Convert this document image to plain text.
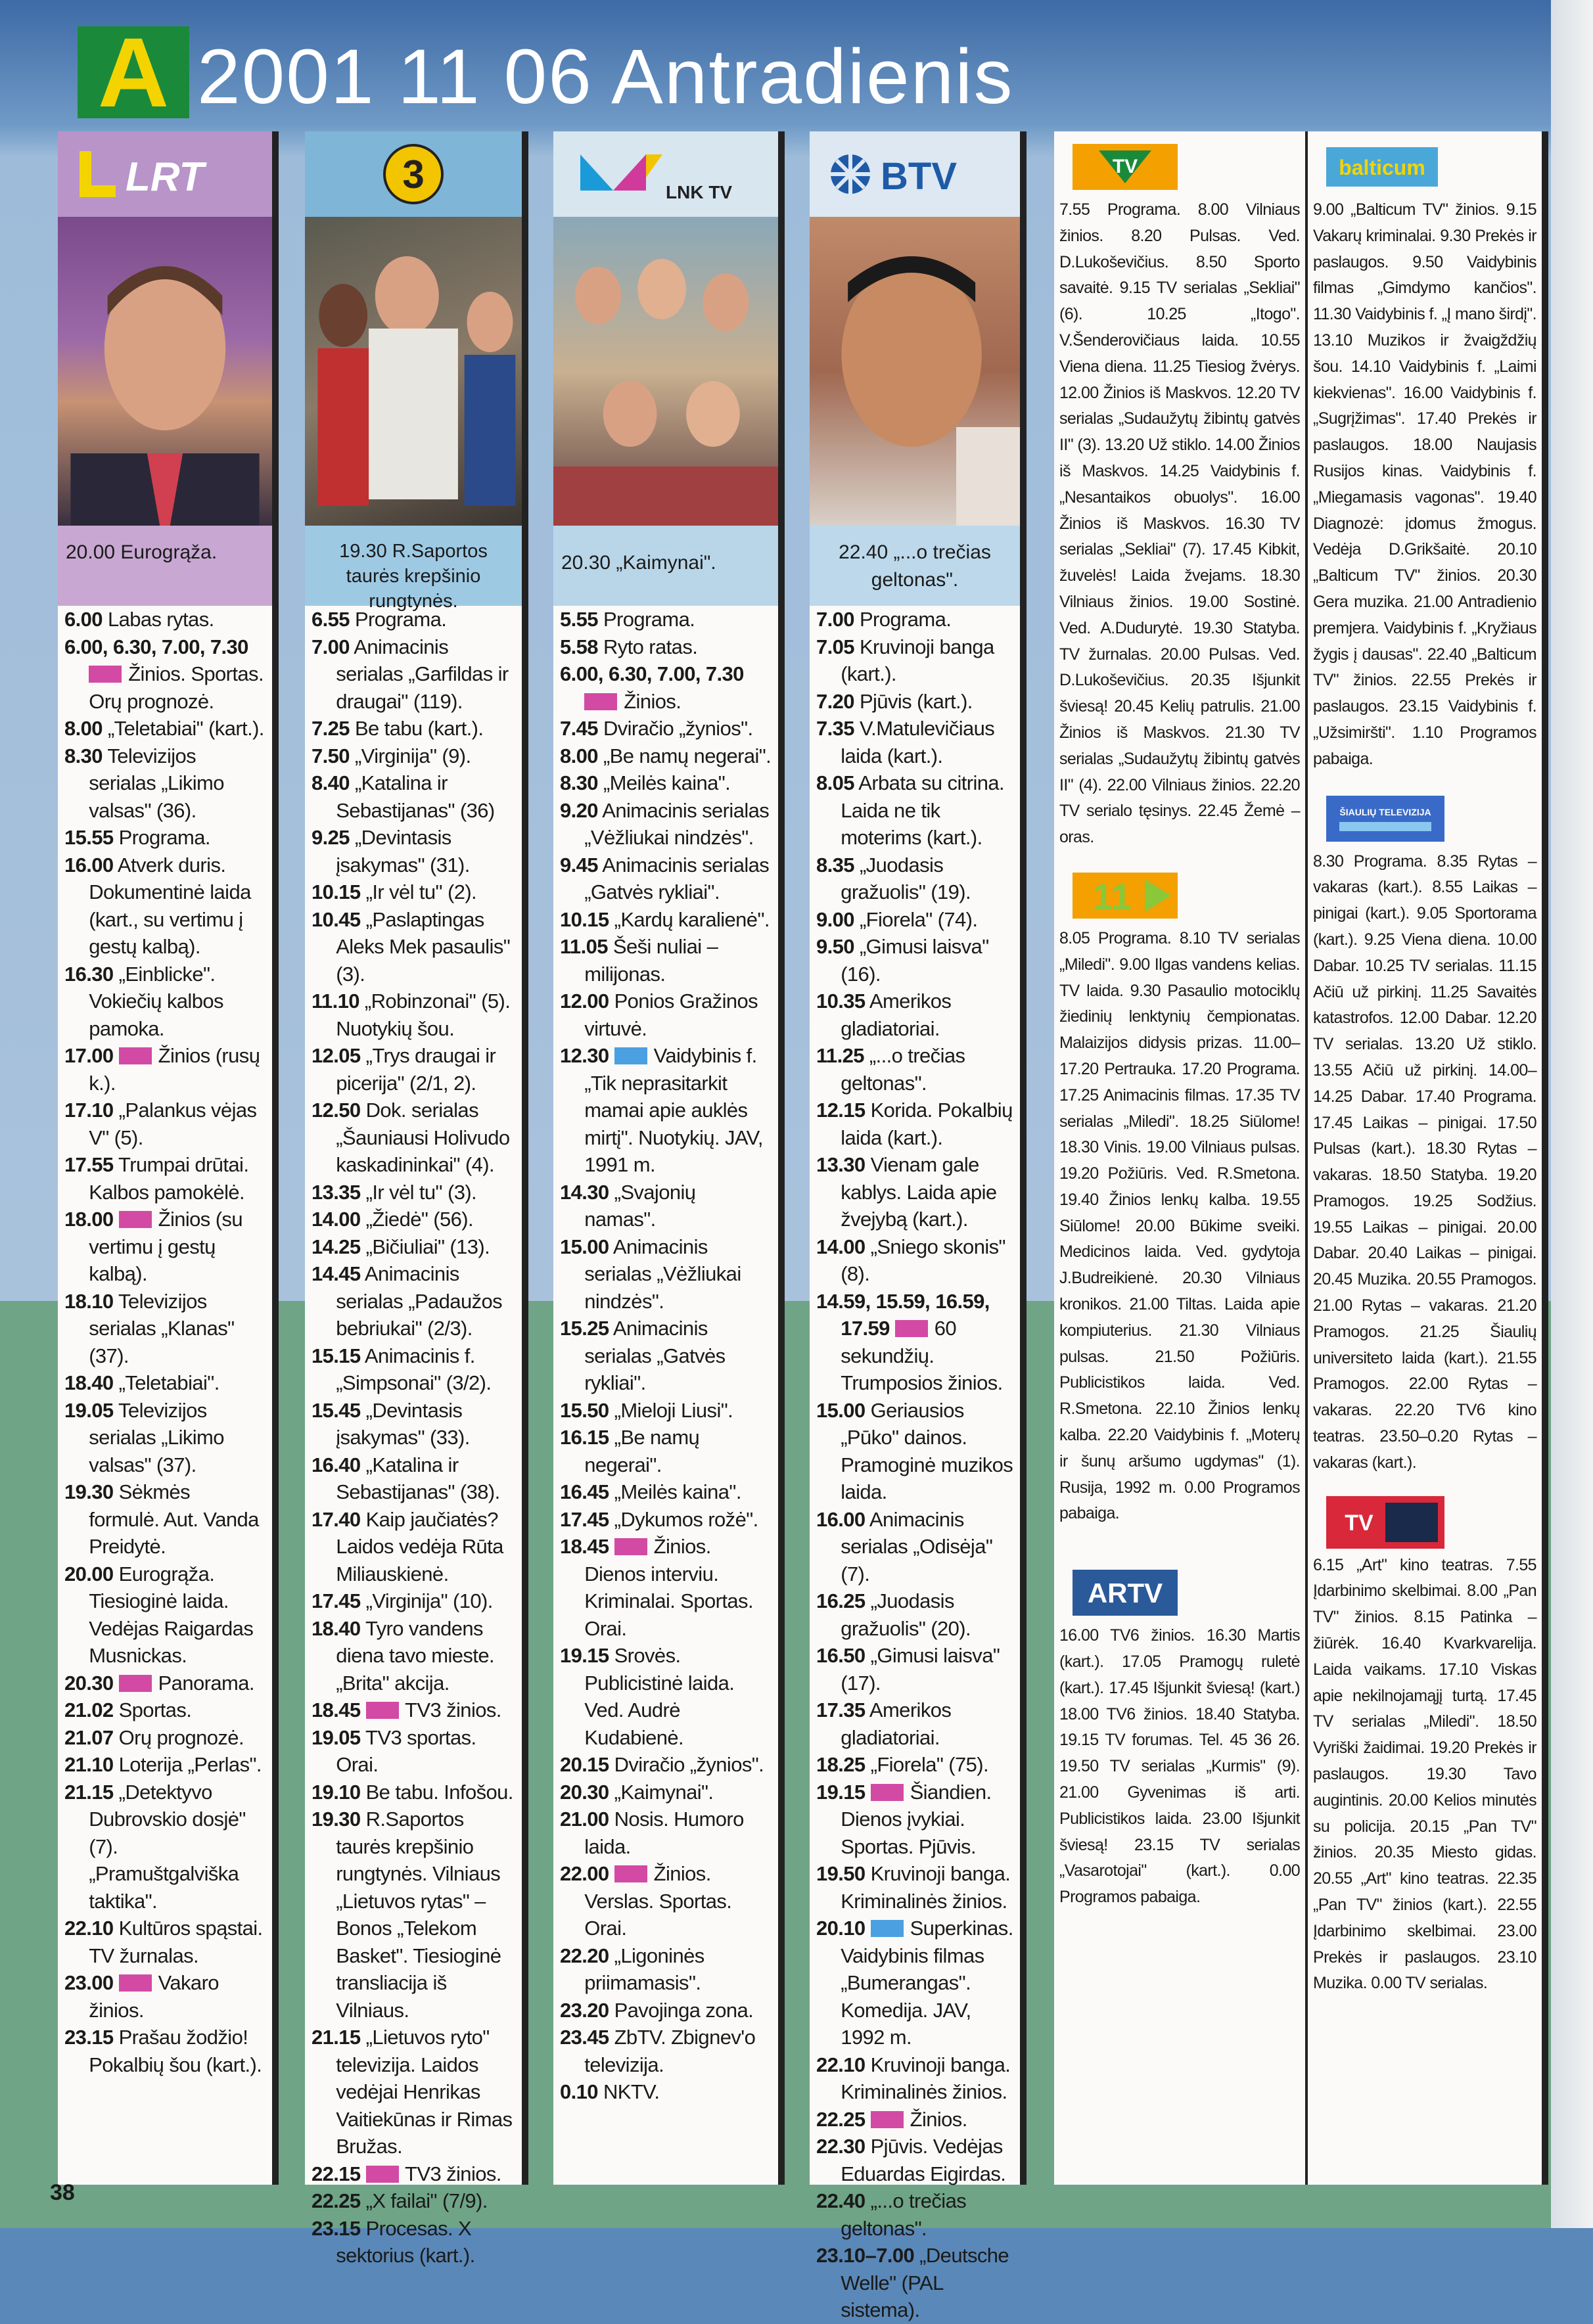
A 2001 11 06 Antradienis
LRT
20.00 Eurogrąža.

6.00 Labas rytas.

6.00, 6.30, 7.00, 7.30  Žinios. Sportas. Orų prognozė.

8.00 „Teletabiai" (kart.).

8.30 Televizijos serialas „Likimo valsas" (36).

15.55 Programa.

16.00 Atverk duris. Dokumentinė laida (kart., su vertimu į gestų kalbą).

16.30 „Einblicke". Vokiečių kalbos pamoka.

17.00  Žinios (rusų k.).

17.10 „Palankus vėjas V" (5).

17.55 Trumpai drūtai. Kalbos pamokėlė.

18.00  Žinios (su vertimu į gestų kalbą).

18.10 Televizijos serialas „Klanas" (37).

18.40 „Teletabiai".

19.05 Televizijos serialas „Likimo valsas" (37).

19.30 Sėkmės formulė. Aut. Vanda Preidytė.

20.00 Eurogrąža. Tiesioginė laida. Vedėjas Raigardas Musnickas.

20.30  Panorama.

21.02 Sportas.

21.07 Orų prognozė.

21.10 Loterija „Perlas".

21.15 „Detektyvo Dubrovskio dosjė" (7). „Pramuštgalviška taktika".

22.10 Kultūros spąstai. TV žurnalas.

23.00  Vakaro žinios.

23.15 Prašau žodžio! Pokalbių šou (kart.).

3
19.30 R.Saportos taurės krepšinio rungtynės.

6.55 Programa.

7.00 Animacinis serialas „Garfildas ir draugai" (119).

7.25 Be tabu (kart.).

7.50 „Virginija" (9).

8.40 „Katalina ir Sebastijanas" (36)

9.25 „Devintasis įsakymas" (31).

10.15 „Ir vėl tu" (2).

10.45 „Paslaptingas Aleks Mek pasaulis" (3).

11.10 „Robinzonai" (5). Nuotykių šou.

12.05 „Trys draugai ir picerija" (2/1, 2).

12.50 Dok. serialas „Šauniausi Holivudo kaskadininkai" (4).

13.35 „Ir vėl tu" (3).

14.00 „Žiedė" (56).

14.25 „Bičiuliai" (13).

14.45 Animacinis serialas „Padaužos bebriukai" (2/3).

15.15 Animacinis f. „Simpsonai" (3/2).

15.45 „Devintasis įsakymas" (33).

16.40 „Katalina ir Sebastijanas" (38).

17.40 Kaip jaučiatės? Laidos vedėja Rūta Miliauskienė.

17.45 „Virginija" (10).

18.40 Tyro vandens diena tavo mieste. „Brita" akcija.

18.45  TV3 žinios.

19.05 TV3 sportas. Orai.

19.10 Be tabu. Infošou.

19.30 R.Saportos taurės krepšinio rungtynės. Vilniaus „Lietuvos rytas" – Bonos „Telekom Basket". Tiesioginė transliacija iš Vilniaus.

21.15 „Lietuvos ryto" televizija. Laidos vedėjai Henrikas Vaitiekūnas ir Rimas Bružas.

22.15  TV3 žinios.

22.25 „X failai" (7/9).

23.15 Procesas. X sektorius (kart.).

LNK TV
20.30 „Kaimynai".

5.55 Programa.

5.58 Ryto ratas.

6.00, 6.30, 7.00, 7.30  Žinios.

7.45 Dviračio „žynios".

8.00 „Be namų negerai".

8.30 „Meilės kaina".

9.20 Animacinis serialas „Vėžliukai nindzės".

9.45 Animacinis serialas „Gatvės rykliai".

10.15 „Kardų karalienė".

11.05 Šeši nuliai – milijonas.

12.00 Ponios Gražinos virtuvė.

12.30  Vaidybinis f. „Tik neprasitarkit mamai apie auklės mirtį". Nuotykių. JAV, 1991 m.

14.30 „Svajonių namas".

15.00 Animacinis serialas „Vėžliukai nindzės".

15.25 Animacinis serialas „Gatvės rykliai".

15.50 „Mieloji Liusi".

16.15 „Be namų negerai".

16.45 „Meilės kaina".

17.45 „Dykumos rožė".

18.45  Žinios. Dienos interviu. Kriminalai. Sportas. Orai.

19.15 Srovės. Publicistinė laida. Ved. Audrė Kudabienė.

20.15 Dviračio „žynios".

20.30 „Kaimynai".

21.00 Nosis. Humoro laida.

22.00  Žinios. Verslas. Sportas. Orai.

22.20 „Ligoninės priimamasis".

23.20 Pavojinga zona.

23.45 ZbTV. Zbignev'o televizija.

0.10 NKTV.

BTV
22.40 „...o trečias geltonas".

7.00 Programa.

7.05 Kruvinoji banga (kart.).

7.20 Pjūvis (kart.).

7.35 V.Matulevičiaus laida (kart.).

8.05 Arbata su citrina. Laida ne tik moterims (kart.).

8.35 „Juodasis gražuolis" (19).

9.00 „Fiorela" (74).

9.50 „Gimusi laisva" (16).

10.35 Amerikos gladiatoriai.

11.25 „...o trečias geltonas".

12.15 Korida. Pokalbių laida (kart.).

13.30 Vienam gale kablys. Laida apie žvejybą (kart.).

14.00 „Sniego skonis" (8).

14.59, 15.59, 16.59, 17.59  60 sekundžių. Trumposios žinios.

15.00 Geriausios „Pūko" dainos. Pramoginė muzikos laida.

16.00 Animacinis serialas „Odisėja" (7).

16.25 „Juodasis gražuolis" (20).

16.50 „Gimusi laisva" (17).

17.35 Amerikos gladiatoriai.

18.25 „Fiorela" (75).

19.15  Šiandien. Dienos įvykiai. Sportas. Pjūvis.

19.50 Kruvinoji banga. Kriminalinės žinios.

20.10  Superkinas. Vaidybinis filmas „Bumerangas". Komedija. JAV, 1992 m.

22.10 Kruvinoji banga. Kriminalinės žinios.

22.25  Žinios.

22.30 Pjūvis. Vedėjas Eduardas Eigirdas.

22.40 „...o trečias geltonas".

23.10–7.00 „Deutsche Welle" (PAL sistema).

TV
7.55 Programa. 8.00 Vilniaus žinios. 8.20 Pulsas. Ved. D.Lukoševičius. 8.50 Sporto savaitė. 9.15 TV serialas „Sekliai" (6). 10.25 „Itogo". V.Šenderovičiaus laida. 10.55 Viena diena. 11.25 Tiesiog žvėrys. 12.00 Žinios iš Maskvos. 12.20 TV serialas „Sudaužytų žibintų gatvės II" (3). 13.20 Už stiklo. 14.00 Žinios iš Maskvos. 14.25 Vaidybinis f. „Nesantaikos obuolys". 16.00 Žinios iš Maskvos. 16.30 TV serialas „Sekliai" (7). 17.45 Kibkit, žuvelės! Laida žvejams. 18.30 Vilniaus žinios. 19.00 Sostinė. Ved. A.Dudurytė. 19.30 Statyba. TV žurnalas. 20.00 Pulsas. Ved. D.Lukoševičius. 20.35 Išjunkit šviesą! 20.45 Kelių patrulis. 21.00 Žinios iš Maskvos. 21.30 TV serialas „Sudaužytų žibintų gatvės II" (4). 22.00 Vilniaus žinios. 22.20 TV serialo tęsinys. 22.45 Žemė – oras.
11
8.05 Programa. 8.10 TV serialas „Miledi". 9.00 Ilgas vandens kelias. TV laida. 9.30 Pasaulio motociklų žiedinių lenktynių čempionatas. Malaizijos didysis prizas. 11.00–17.20 Pertrauka. 17.20 Programa. 17.25 Animacinis filmas. 17.35 TV serialas „Miledi". 18.25 Siūlome! 18.30 Vinis. 19.00 Vilniaus pulsas. 19.20 Požiūris. Ved. R.Smetona. 19.40 Žinios lenkų kalba. 19.55 Siūlome! 20.00 Būkime sveiki. Medicinos laida. Ved. gydytoja J.Budreikienė. 20.30 Vilniaus kronikos. 21.00 Tiltas. Laida apie kompiuterius. 21.30 Vilniaus pulsas. 21.50 Požiūris. Publicistikos laida. Ved. R.Smetona. 22.10 Žinios lenkų kalba. 22.20 Vaidybinis f. „Moterų ir šunų aršumo ugdymas" (1). Rusija, 1992 m. 0.00 Programos pabaiga.
ARTV
16.00 TV6 žinios. 16.30 Martis (kart.). 17.05 Pramogų ruletė (kart.). 17.45 Išjunkit šviesą! (kart.) 18.00 TV6 žinios. 18.40 Statyba. 19.15 TV forumas. Tel. 45 36 26. 19.50 TV serialas „Kurmis" (9). 21.00 Gyvenimas iš arti. Publicistikos laida. 23.00 Išjunkit šviesą! 23.15 TV serialas „Vasarotojai" (kart.). 0.00 Programos pabaiga.
balticum
9.00 „Balticum TV" žinios. 9.15 Vakarų kriminalai. 9.30 Prekės ir paslaugos. 9.50 Vaidybinis filmas „Gimdymo kančios". 11.30 Vaidybinis f. „Į mano širdį". 13.10 Muzikos ir žvaigždžių šou. 14.10 Vaidybinis f. „Laimi kiekvienas". 16.00 Vaidybinis f. „Sugrįžimas". 17.40 Prekės ir paslaugos. 18.00 Naujasis Rusijos kinas. Vaidybinis f. „Miegamasis vagonas". 19.40 Diagnozė: įdomus žmogus. Vedėja D.Grikšaitė. 20.10 „Balticum TV" žinios. 20.30 Gera muzika. 21.00 Antradienio premjera. Vaidybinis f. „Kryžiaus žygis į dausas". 22.40 „Balticum TV" žinios. 22.55 Prekės ir paslaugos. 23.15 Vaidybinis f. „Užsimiršti". 1.10 Programos pabaiga.
ŠIAULIŲ TELEVIZIJA
8.30 Programa. 8.35 Rytas – vakaras (kart.). 8.55 Laikas – pinigai (kart.). 9.05 Sportorama (kart.). 9.25 Viena diena. 10.00 Dabar. 10.25 TV serialas. 11.15 Ačiū už pirkinį. 11.25 Savaitės katastrofos. 12.00 Dabar. 12.20 TV serialas. 13.20 Už stiklo. 13.55 Ačiū už pirkinį. 14.00–14.25 Dabar. 17.40 Programa. 17.45 Laikas – pinigai. 17.50 Pulsas (kart.). 18.30 Rytas – vakaras. 18.50 Statyba. 19.20 Pramogos. 19.25 Sodžius. 19.55 Laikas – pinigai. 20.00 Dabar. 20.40 Laikas – pinigai. 20.45 Muzika. 20.55 Pramogos. 21.00 Rytas – vakaras. 21.20 Pramogos. 21.25 Šiaulių universiteto laida (kart.). 21.55 Pramogos. 22.00 Rytas – vakaras. 22.20 TV6 kino teatras. 23.50–0.20 Rytas – vakaras (kart.).
TV
6.15 „Art" kino teatras. 7.55 Įdarbinimo skelbimai. 8.00 „Pan TV" žinios. 8.15 Patinka – žiūrėk. 16.40 Kvarkvarelija. Laida vaikams. 17.10 Viskas apie nekilnojamąjį turtą. 17.45 TV serialas „Miledi". 18.50 Vyriški žaidimai. 19.20 Prekės ir paslaugos. 19.30 Tavo augintinis. 20.00 Kelios minutės su policija. 20.15 „Pan TV" žinios. 20.35 Miesto gidas. 20.55 „Art" kino teatras. 22.35 „Pan TV" žinios (kart.). 22.55 Įdarbinimo skelbimai. 23.00 Prekės ir paslaugos. 23.10 Muzika. 0.00 TV serialas.
38
